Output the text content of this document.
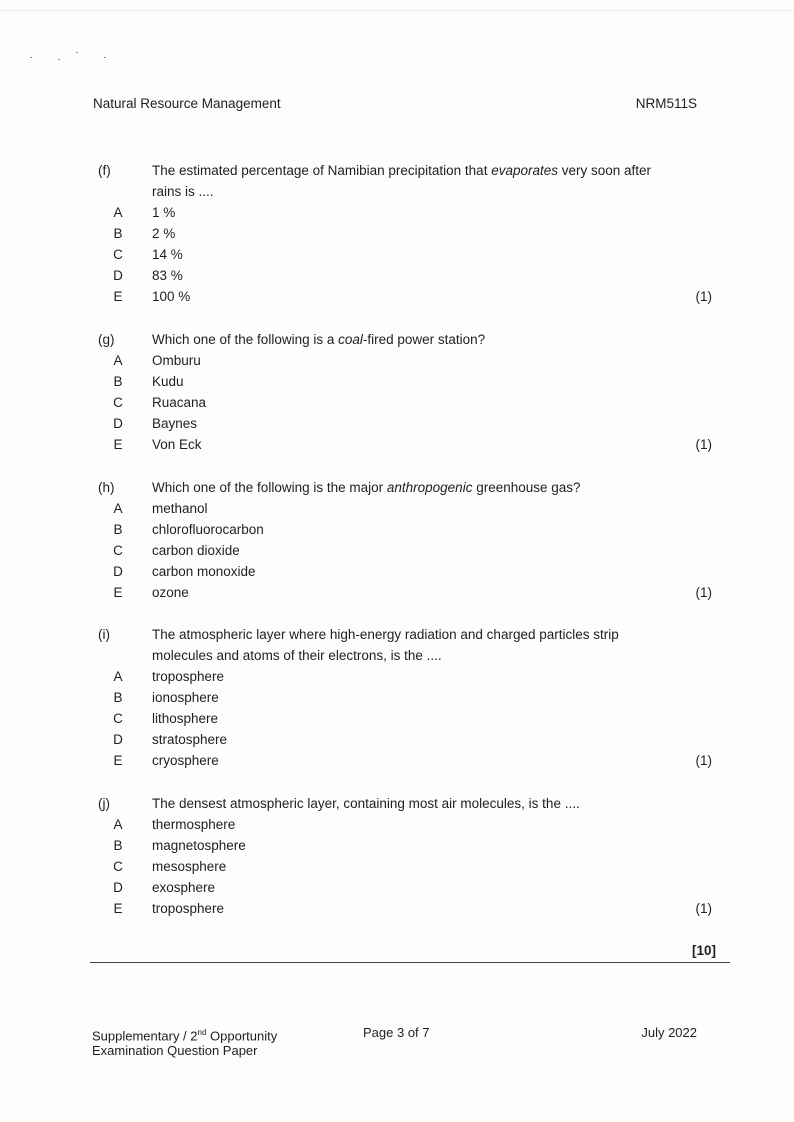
Natural Resource Management	NRM511S
(f)	The estimated percentage of Namibian precipitation that evaporates very soon after
rains is ....
A 1 %
B 2 %
C 14 %
D 83 %
E 100 %	(1)
(g)	Which one of the following is a coal-fired power station?
A Omburu
B Kudu
C Ruacana
D Baynes
E Von Eck	(1)
(h)	Which one of the following is the major anthropogenic greenhouse gas?
A methanol
B chlorofluorocarbon
C carbon dioxide
D carbon monoxide
E ozone	(1)
(i)	The atmospheric layer where high-energy radiation and charged particles strip
molecules and atoms of their electrons, is the ....
A troposphere
B ionosphere
C lithosphere
D stratosphere
E cryosphere	(1)
(j)	The densest atmospheric layer, containing most air molecules, is the ....
A thermosphere
B magnetosphere
C mesosphere
D exosphere
E troposphere	(1)
[10]
Supplementary / 2nd Opportunity
Examination Question Paper
Page 3 of 7	July 2022
